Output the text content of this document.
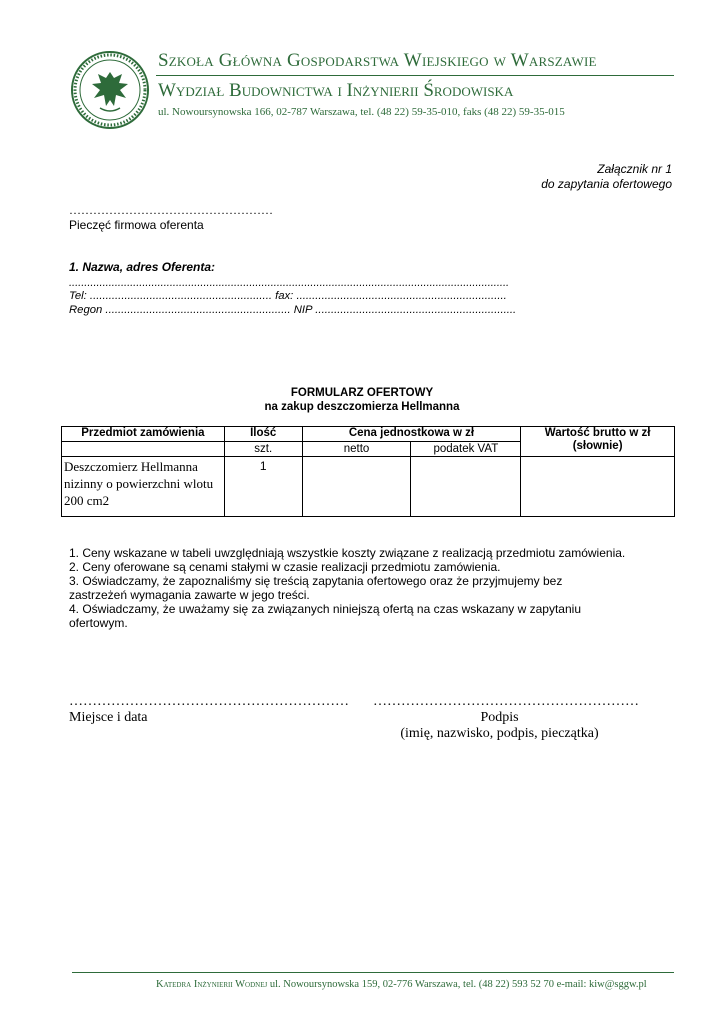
Szkoła Główna Gospodarstwa Wiejskiego w Warszawie
Wydział Budownictwa i Inżynierii Środowiska
ul. Nowoursynowska 166, 02-787 Warszawa, tel. (48 22) 59-35-010, faks (48 22) 59-35-015
Załącznik nr 1
do zapytania ofertowego
……………………………………………
Pieczęć firmowa oferenta
1. Nazwa, adres Oferenta:
................................................................................................................................................
Tel: .......................................................... fax: ...................................................................
Regon ........................................................... NIP ................................................................
FORMULARZ OFERTOWY
na zakup deszczomierza Hellmanna
Przedmiot zamówienia	Ilość	Cena jednostkowa w zł		Wartość brutto w zł
(słownie)

	szt.	netto	podatek VAT	
Deszczomierz Hellmanna nizinny o powierzchni wlotu 200 cm2	1			
1. Ceny wskazane w tabeli uwzględniają wszystkie koszty związane z realizacją przedmiotu zamówienia.
2. Ceny oferowane są cenami stałymi w czasie realizacji przedmiotu zamówienia.
3. Oświadczamy, że zapoznaliśmy się treścią zapytania ofertowego oraz że przyjmujemy bez
zastrzeżeń wymagania zawarte w jego treści.
4. Oświadczamy, że uważamy się za związanych niniejszą ofertą na czas wskazany w zapytaniu
ofertowym.
…………………………………………………… …………………………………………………
Miejsce i data	Podpis
(imię, nazwisko, podpis, pieczątka)
Katedra Inżynierii Wodnej ul. Nowoursynowska 159, 02-776 Warszawa, tel. (48 22) 593 52 70 e-mail: kiw@sggw.pl
